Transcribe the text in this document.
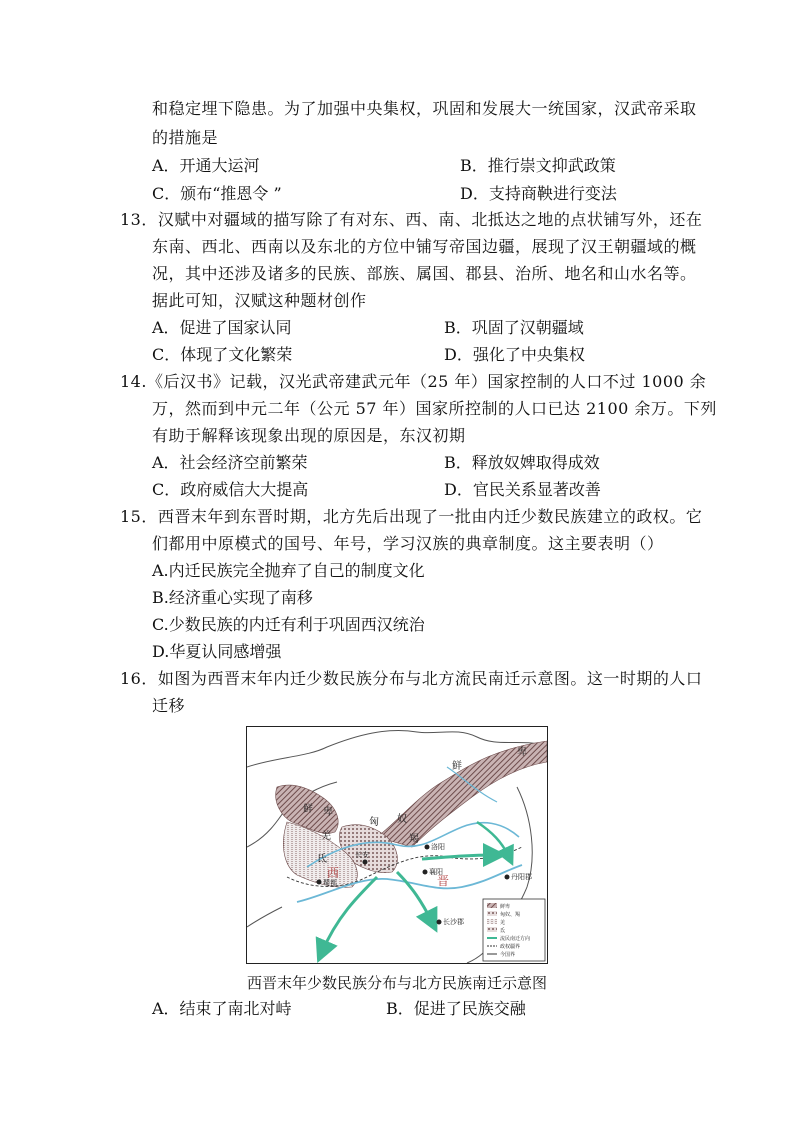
和稳定埋下隐患。为了加强中央集权，巩固和发展大一统国家，汉武帝采取
的措施是
A．开通大运河	B．推行崇文抑武政策
C．颁布“推恩令 ”	D．支持商鞅进行变法
13．汉赋中对疆域的描写除了有对东、西、南、北抵达之地的点状铺写外，还在
东南、西北、西南以及东北的方位中铺写帝国边疆，展现了汉王朝疆域的概
况，其中还涉及诸多的民族、部族、属国、郡县、治所、地名和山水名等。
据此可知，汉赋这种题材创作
A．促进了国家认同	B．巩固了汉朝疆域
C．体现了文化繁荣	D．强化了中央集权
14.《后汉书》记载，汉光武帝建武元年（25 年）国家控制的人口不过 1000 余
万，然而到中元二年（公元 57 年）国家所控制的人口已达 2100 余万。下列
有助于解释该现象出现的原因是，东汉初期
A．社会经济空前繁荣	B．释放奴婢取得成效
C．政府威信大大提高	D．官民关系显著改善
15．西晋末年到东晋时期，北方先后出现了一批由内迁少数民族建立的政权。它
们都用中原模式的国号、年号，学习汉族的典章制度。这主要表明（）
A.内迁民族完全抛弃了自己的制度文化
B.经济重心实现了南移
C.少数民族的内迁有利于巩固西汉统治
D.华夏认同感增强
16．如图为西晋末年内迁少数民族分布与北方流民南迁示意图。这一时期的人口
迁移
鲜
卑
鲜 卑
匈 奴
羯
羌
氐
洛阳
长安
襄阳
西
晋
蜀都
丹阳郡
长沙郡
鲜卑
匈奴、羯
羌
氐
流民南迁方向
政权疆界
今国界
西晋末年少数民族分布与北方民族南迁示意图
A．结束了南北对峙	B．促进了民族交融
